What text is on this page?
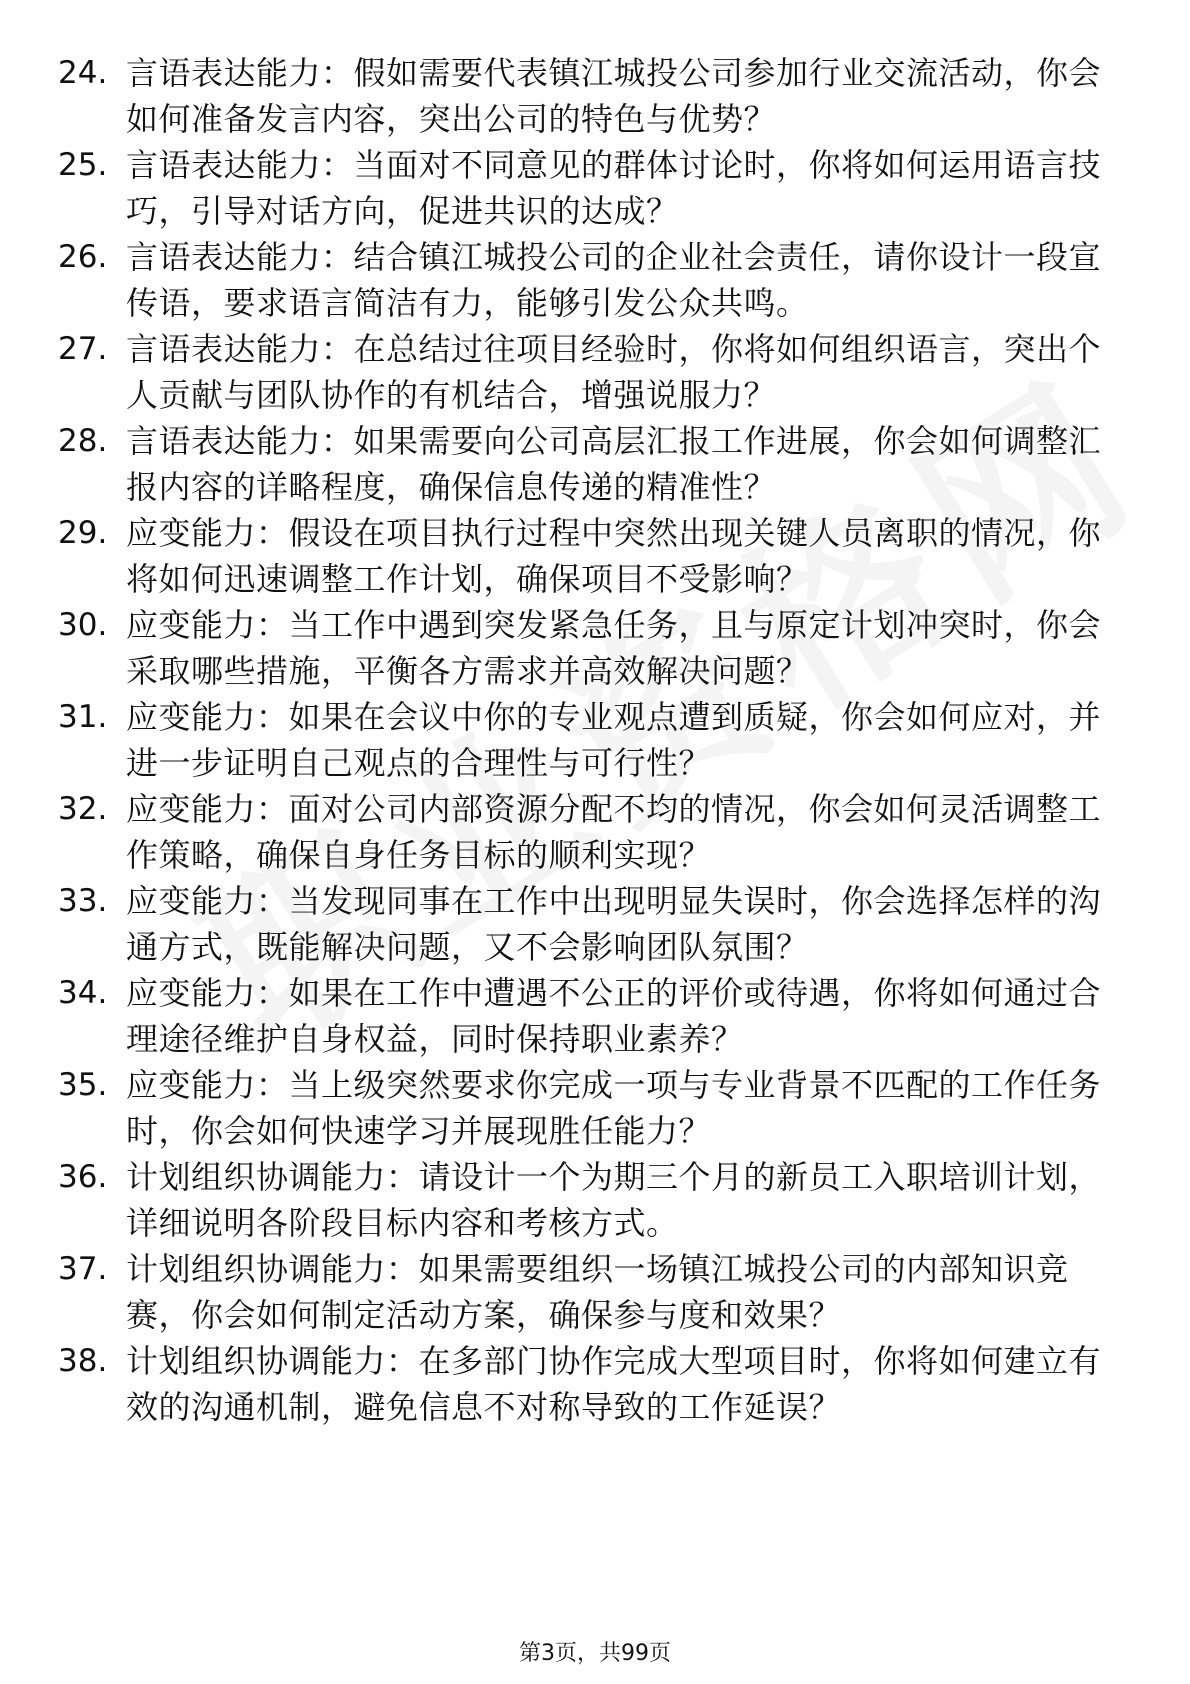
24. 言语表达能力：假如需要代表镇江城投公司参加行业交流活动，你会如何准备发言内容，突出公司的特色与优势？
25. 言语表达能力：当面对不同意见的群体讨论时，你将如何运用语言技巧，引导对话方向，促进共识的达成？
26. 言语表达能力：结合镇江城投公司的企业社会责任，请你设计一段宣传语，要求语言简洁有力，能够引发公众共鸣。
27. 言语表达能力：在总结过往项目经验时，你将如何组织语言，突出个人贡献与团队协作的有机结合，增强说服力？
28. 言语表达能力：如果需要向公司高层汇报工作进展，你会如何调整汇报内容的详略程度，确保信息传递的精准性？
29. 应变能力：假设在项目执行过程中突然出现关键人员离职的情况，你将如何迅速调整工作计划，确保项目不受影响？
30. 应变能力：当工作中遇到突发紧急任务，且与原定计划冲突时，你会采取哪些措施，平衡各方需求并高效解决问题？
31. 应变能力：如果在会议中你的专业观点遭到质疑，你会如何应对，并进一步证明自己观点的合理性与可行性？
32. 应变能力：面对公司内部资源分配不均的情况，你会如何灵活调整工作策略，确保自身任务目标的顺利实现？
33. 应变能力：当发现同事在工作中出现明显失误时，你会选择怎样的沟通方式，既能解决问题，又不会影响团队氛围？
34. 应变能力：如果在工作中遭遇不公正的评价或待遇，你将如何通过合理途径维护自身权益，同时保持职业素养？
35. 应变能力：当上级突然要求你完成一项与专业背景不匹配的工作任务时，你会如何快速学习并展现胜任能力？
36. 计划组织协调能力：请设计一个为期三个月的新员工入职培训计划，详细说明各阶段目标内容和考核方式。
37. 计划组织协调能力：如果需要组织一场镇江城投公司的内部知识竞赛，你会如何制定活动方案，确保参与度和效果？
38. 计划组织协调能力：在多部门协作完成大型项目时，你将如何建立有效的沟通机制，避免信息不对称导致的工作延误？
第3页，共99页
